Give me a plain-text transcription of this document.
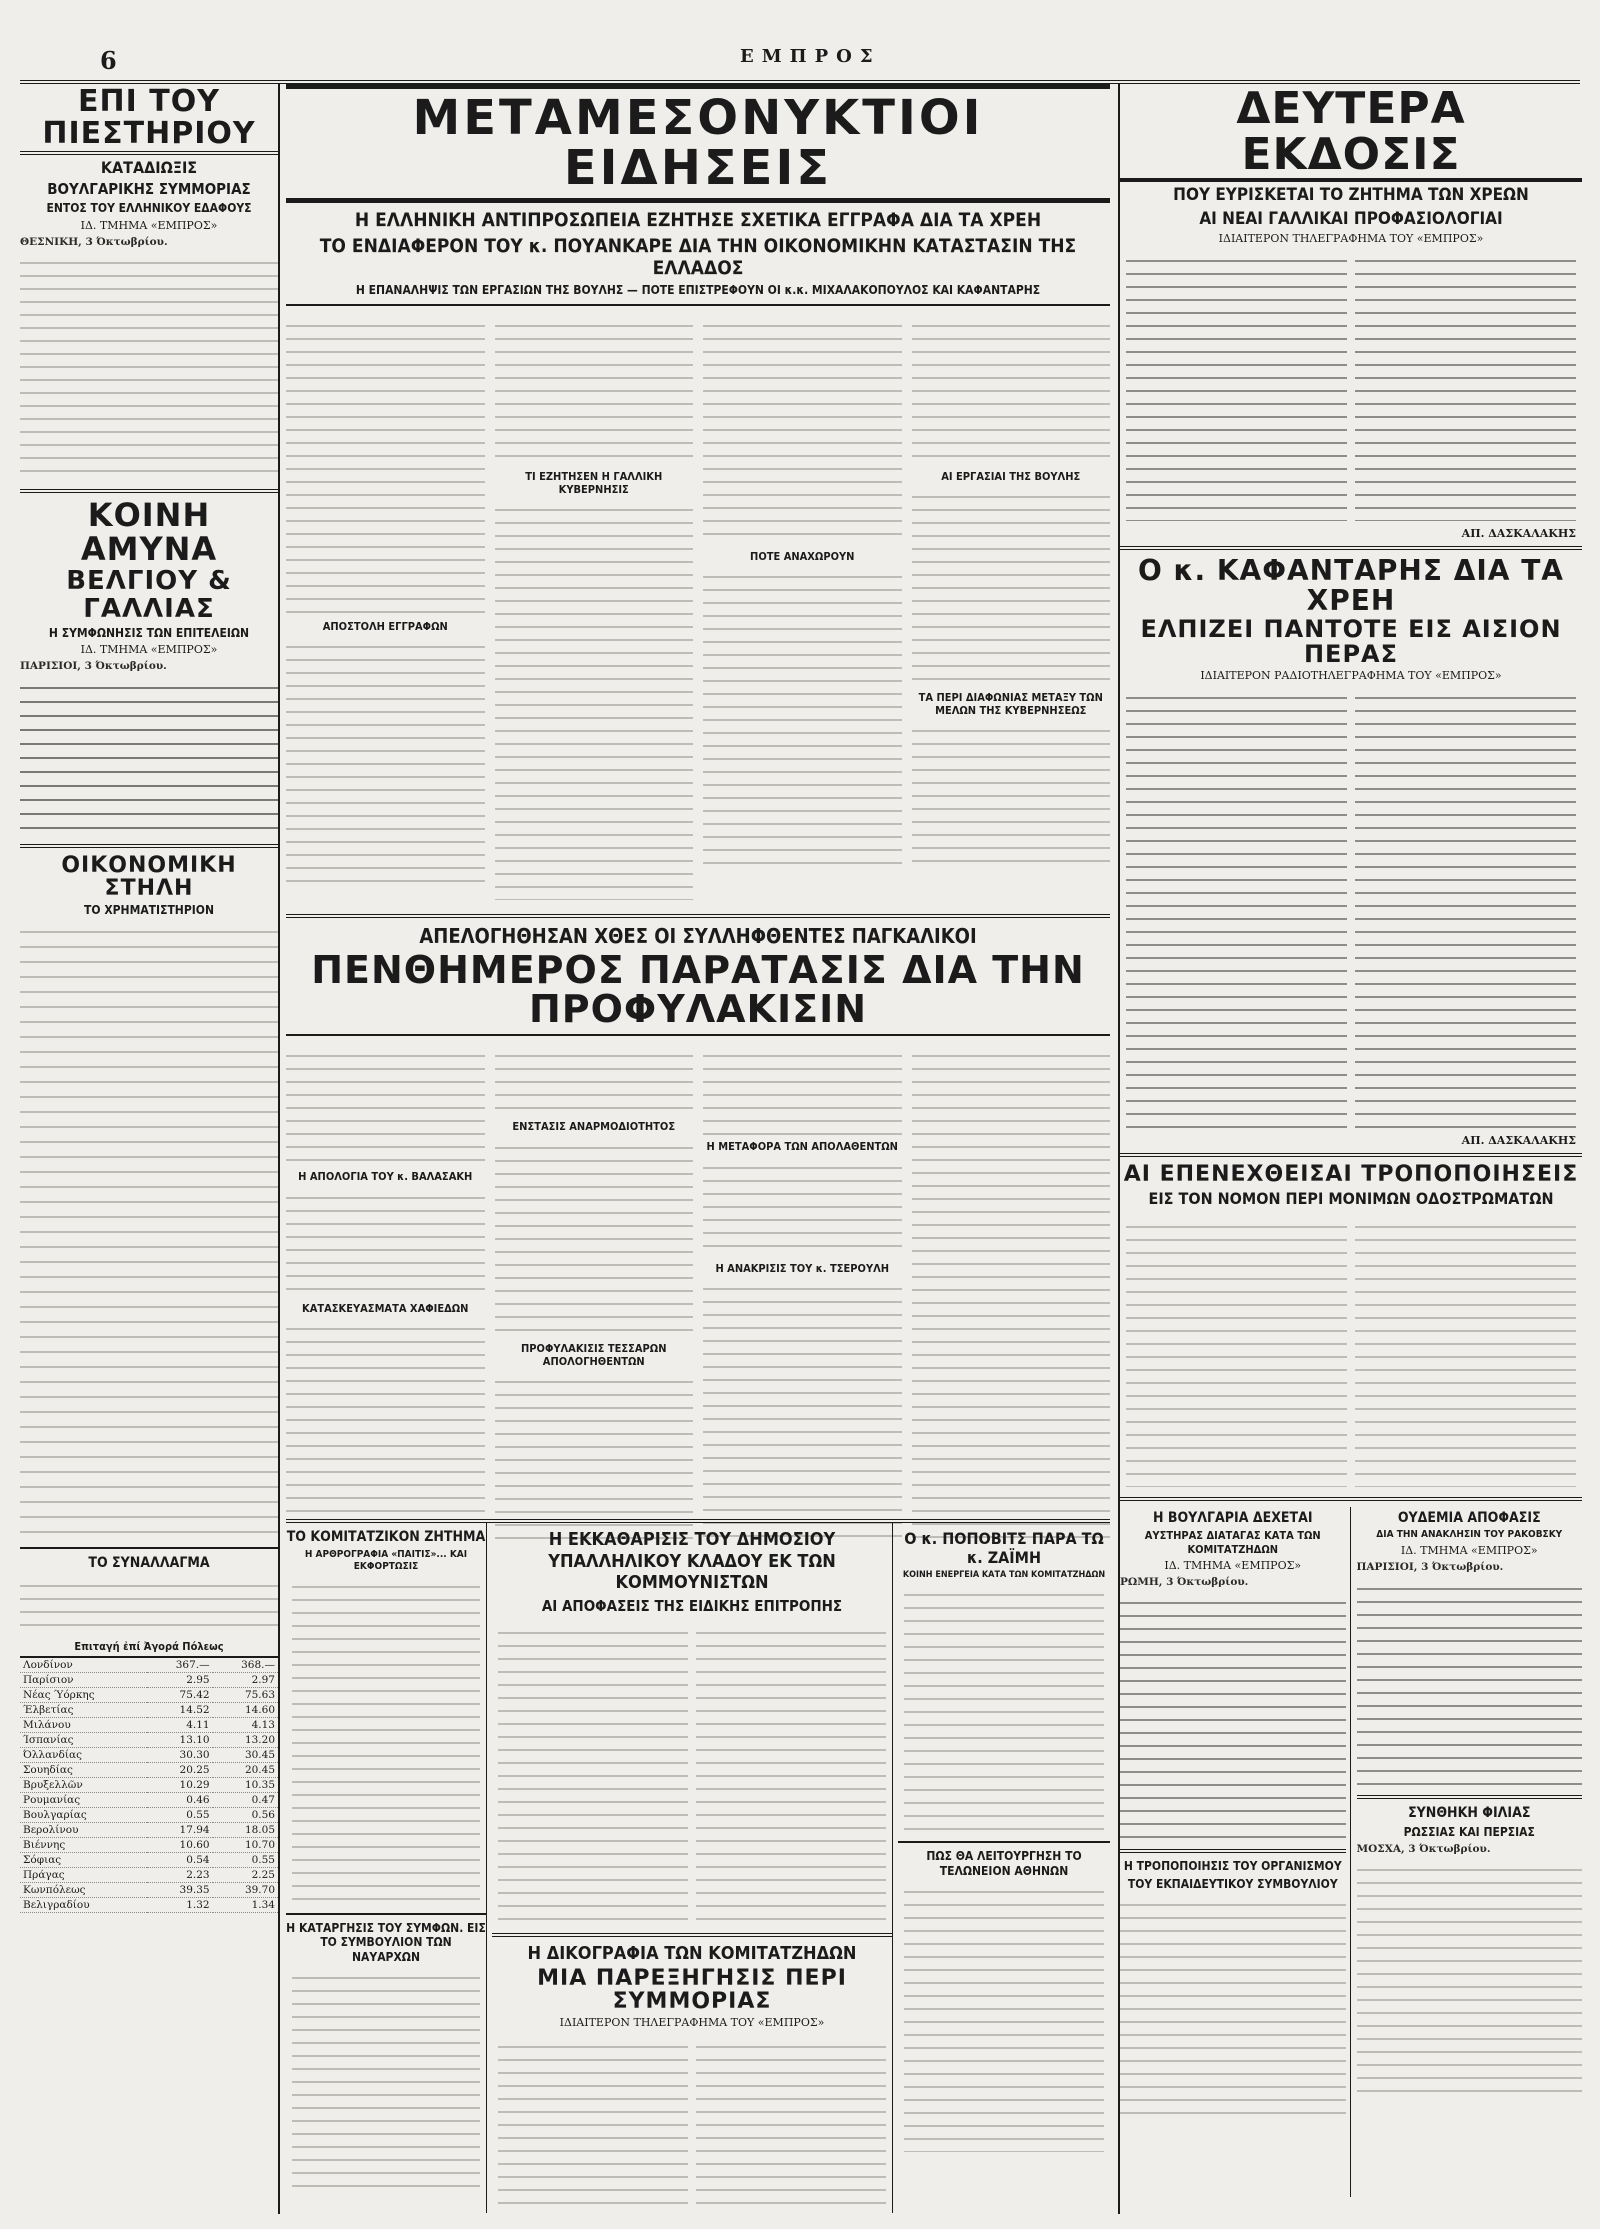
6	ΕΜΠΡΟΣ
ΕΠΙ ΤΟΥ ΠΙΕΣΤΗΡΙΟΥ
ΚΑΤΑΔΙΩΞΙΣ
ΒΟΥΛΓΑΡΙΚΗΣ ΣΥΜΜΟΡΙΑΣ
ΕΝΤΟΣ ΤΟΥ ΕΛΛΗΝΙΚΟΥ ΕΔΑΦΟΥΣ
ΙΔ. ΤΜΗΜΑ «ΕΜΠΡΟΣ»
ΘΕΣΝΙΚΗ, 3 Όκτωβρίου.
ΚΟΙΝΗ ΑΜΥΝΑ
ΒΕΛΓΙΟΥ & ΓΑΛΛΙΑΣ
Η ΣΥΜΦΩΝΗΣΙΣ ΤΩΝ ΕΠΙΤΕΛΕΙΩΝ
ΙΔ. ΤΜΗΜΑ «ΕΜΠΡΟΣ»
ΠΑΡΙΣΙΟΙ, 3 Όκτωβρίου.
ΟΙΚΟΝΟΜΙΚΗ ΣΤΗΛΗ
ΤΟ ΧΡΗΜΑΤΙΣΤΗΡΙΟΝ
ΤΟ ΣΥΝΑΛΛΑΓΜΑ
Επιταγή ἐπί Ἀγορά Πόλεως
Λονδίνον	367.—	368.—
Παρίσιον	2.95	2.97
Νέας Ύόρκης	75.42	75.63
Έλβετίας	14.52	14.60
Μιλάνου	4.11	4.13
Ίσπανίας	13.10	13.20
Όλλανδίας	30.30	30.45
Σουηδίας	20.25	20.45
Βρυξελλῶν	10.29	10.35
Ρουμανίας	0.46	0.47
Βουλγαρίας	0.55	0.56
Βερολίνου	17.94	18.05
Βιέννης	10.60	10.70
Σόφιας	0.54	0.55
Πράγας	2.23	2.25
Κωνπόλεως	39.35	39.70
Βελιγραδίου	1.32	1.34
ΜΕΤΑΜΕΣΟΝΥΚΤΙΟΙ ΕΙΔΗΣΕΙΣ
Η ΕΛΛΗΝΙΚΗ ΑΝΤΙΠΡΟΣΩΠΕΙΑ ΕΖΗΤΗΣΕ ΣΧΕΤΙΚΑ ΕΓΓΡΑΦΑ ΔΙΑ ΤΑ ΧΡΕΗ
ΤΟ ΕΝΔΙΑΦΕΡΟΝ ΤΟΥ κ. ΠΟΥΑΝΚΑΡΕ ΔΙΑ ΤΗΝ ΟΙΚΟΝΟΜΙΚΗΝ ΚΑΤΑΣΤΑΣΙΝ ΤΗΣ ΕΛΛΑΔΟΣ
Η ΕΠΑΝΑΛΗΨΙΣ ΤΩΝ ΕΡΓΑΣΙΩΝ ΤΗΣ ΒΟΥΛΗΣ — ΠΟΤΕ ΕΠΙΣΤΡΕΦΟΥΝ ΟΙ κ.κ. ΜΙΧΑΛΑΚΟΠΟΥΛΟΣ ΚΑΙ ΚΑΦΑΝΤΑΡΗΣ
ΑΠΟΣΤΟΛΗ ΕΓΓΡΑΦΩΝ
ΤΙ ΕΖΗΤΗΣΕΝ Η ΓΑΛΛΙΚΗ ΚΥΒΕΡΝΗΣΙΣ
ΠΟΤΕ ΑΝΑΧΩΡΟΥΝ
ΑΙ ΕΡΓΑΣΙΑΙ ΤΗΣ ΒΟΥΛΗΣ
ΤΑ ΠΕΡΙ ΔΙΑΦΩΝΙΑΣ ΜΕΤΑΞΥ ΤΩΝ ΜΕΛΩΝ ΤΗΣ ΚΥΒΕΡΝΗΣΕΩΣ
ΑΠΕΛΟΓΗΘΗΣΑΝ ΧΘΕΣ ΟΙ ΣΥΛΛΗΦΘΕΝΤΕΣ ΠΑΓΚΑΛΙΚΟΙ
ΠΕΝΘΗΜΕΡΟΣ ΠΑΡΑΤΑΣΙΣ ΔΙΑ ΤΗΝ ΠΡΟΦΥΛΑΚΙΣΙΝ
Η ΑΠΟΛΟΓΙΑ ΤΟΥ κ. ΒΑΛΑΣΑΚΗ
ΚΑΤΑΣΚΕΥΑΣΜΑΤΑ ΧΑΦΙΕΔΩΝ
ΕΝΣΤΑΣΙΣ ΑΝΑΡΜΟΔΙΟΤΗΤΟΣ
ΠΡΟΦΥΛΑΚΙΣΙΣ ΤΕΣΣΑΡΩΝ ΑΠΟΛΟΓΗΘΕΝΤΩΝ
Η ΜΕΤΑΦΟΡΑ ΤΩΝ ΑΠΟΛΑΘΕΝΤΩΝ
Η ΑΝΑΚΡΙΣΙΣ ΤΟΥ κ. ΤΣΕΡΟΥΛΗ
ΤΟ ΚΟΜΙΤΑΤΖΙΚΟΝ ΖΗΤΗΜΑ
Η ΑΡΘΡΟΓΡΑΦΙΑ «ΠΑΙΤΙΣ»... ΚΑΙ ΕΚΦΟΡΤΩΣΙΣ
Η ΚΑΤΑΡΓΗΣΙΣ ΤΟΥ ΣΥΜΦΩΝ. ΕΙΣ ΤΟ ΣΥΜΒΟΥΛΙΟΝ ΤΩΝ ΝΑΥΑΡΧΩΝ
Η ΕΚΚΑΘΑΡΙΣΙΣ ΤΟΥ ΔΗΜΟΣΙΟΥ ΥΠΑΛΛΗΛΙΚΟΥ ΚΛΑΔΟΥ ΕΚ ΤΩΝ ΚΟΜΜΟΥΝΙΣΤΩΝ
ΑΙ ΑΠΟΦΑΣΕΙΣ ΤΗΣ ΕΙΔΙΚΗΣ ΕΠΙΤΡΟΠΗΣ
Η ΔΙΚΟΓΡΑΦΙΑ ΤΩΝ ΚΟΜΙΤΑΤΖΗΔΩΝ
ΜΙΑ ΠΑΡΕΞΗΓΗΣΙΣ ΠΕΡΙ ΣΥΜΜΟΡΙΑΣ
ΙΔΙΑΙΤΕΡΟΝ ΤΗΛΕΓΡΑΦΗΜΑ ΤΟΥ «ΕΜΠΡΟΣ»
Ο κ. ΠΟΠΟΒΙΤΣ ΠΑΡΑ ΤΩ κ. ΖΑΪΜΗ
ΚΟΙΝΗ ΕΝΕΡΓΕΙΑ ΚΑΤΑ ΤΩΝ ΚΟΜΙΤΑΤΖΗΔΩΝ
ΠΩΣ ΘΑ ΛΕΙΤΟΥΡΓΗΣΗ ΤΟ ΤΕΛΩΝΕΙΟΝ ΑΘΗΝΩΝ
ΔΕΥΤΕΡΑ ΕΚΔΟΣΙΣ
ΠΟΥ ΕΥΡΙΣΚΕΤΑΙ ΤΟ ΖΗΤΗΜΑ ΤΩΝ ΧΡΕΩΝ
ΑΙ ΝΕΑΙ ΓΑΛΛΙΚΑΙ ΠΡΟΦΑΣΙΟΛΟΓΙΑΙ
ΙΔΙΑΙΤΕΡΟΝ ΤΗΛΕΓΡΑΦΗΜΑ ΤΟΥ «ΕΜΠΡΟΣ»
ΑΠ. ΔΑΣΚΑΛΑΚΗΣ
Ο κ. ΚΑΦΑΝΤΑΡΗΣ ΔΙΑ ΤΑ ΧΡΕΗ
ΕΛΠΙΖΕΙ ΠΑΝΤΟΤΕ ΕΙΣ ΑΙΣΙΟΝ ΠΕΡΑΣ
ΙΔΙΑΙΤΕΡΟΝ ΡΑΔΙΟΤΗΛΕΓΡΑΦΗΜΑ ΤΟΥ «ΕΜΠΡΟΣ»
ΑΠ. ΔΑΣΚΑΛΑΚΗΣ
ΑΙ ΕΠΕΝΕΧΘΕΙΣΑΙ ΤΡΟΠΟΠΟΙΗΣΕΙΣ
ΕΙΣ ΤΟΝ ΝΟΜΟΝ ΠΕΡΙ ΜΟΝΙΜΩΝ ΟΔΟΣΤΡΩΜΑΤΩΝ
Η ΒΟΥΛΓΑΡΙΑ ΔΕΧΕΤΑΙ
ΑΥΣΤΗΡΑΣ ΔΙΑΤΑΓΑΣ ΚΑΤΑ ΤΩΝ ΚΟΜΙΤΑΤΖΗΔΩΝ
ΙΔ. ΤΜΗΜΑ «ΕΜΠΡΟΣ»
ΡΩΜΗ, 3 Όκτωβρίου.
Η ΤΡΟΠΟΠΟΙΗΣΙΣ ΤΟΥ ΟΡΓΑΝΙΣΜΟΥ
ΤΟΥ ΕΚΠΑΙΔΕΥΤΙΚΟΥ ΣΥΜΒΟΥΛΙΟΥ
ΟΥΔΕΜΙΑ ΑΠΟΦΑΣΙΣ
ΔΙΑ ΤΗΝ ΑΝΑΚΛΗΣΙΝ ΤΟΥ ΡΑΚΟΒΣΚΥ
ΙΔ. ΤΜΗΜΑ «ΕΜΠΡΟΣ»
ΠΑΡΙΣΙΟΙ, 3 Όκτωβρίου.
ΣΥΝΘΗΚΗ ΦΙΛΙΑΣ
ΡΩΣΣΙΑΣ ΚΑΙ ΠΕΡΣΙΑΣ
ΜΟΣΧΑ, 3 Όκτωβρίου.
